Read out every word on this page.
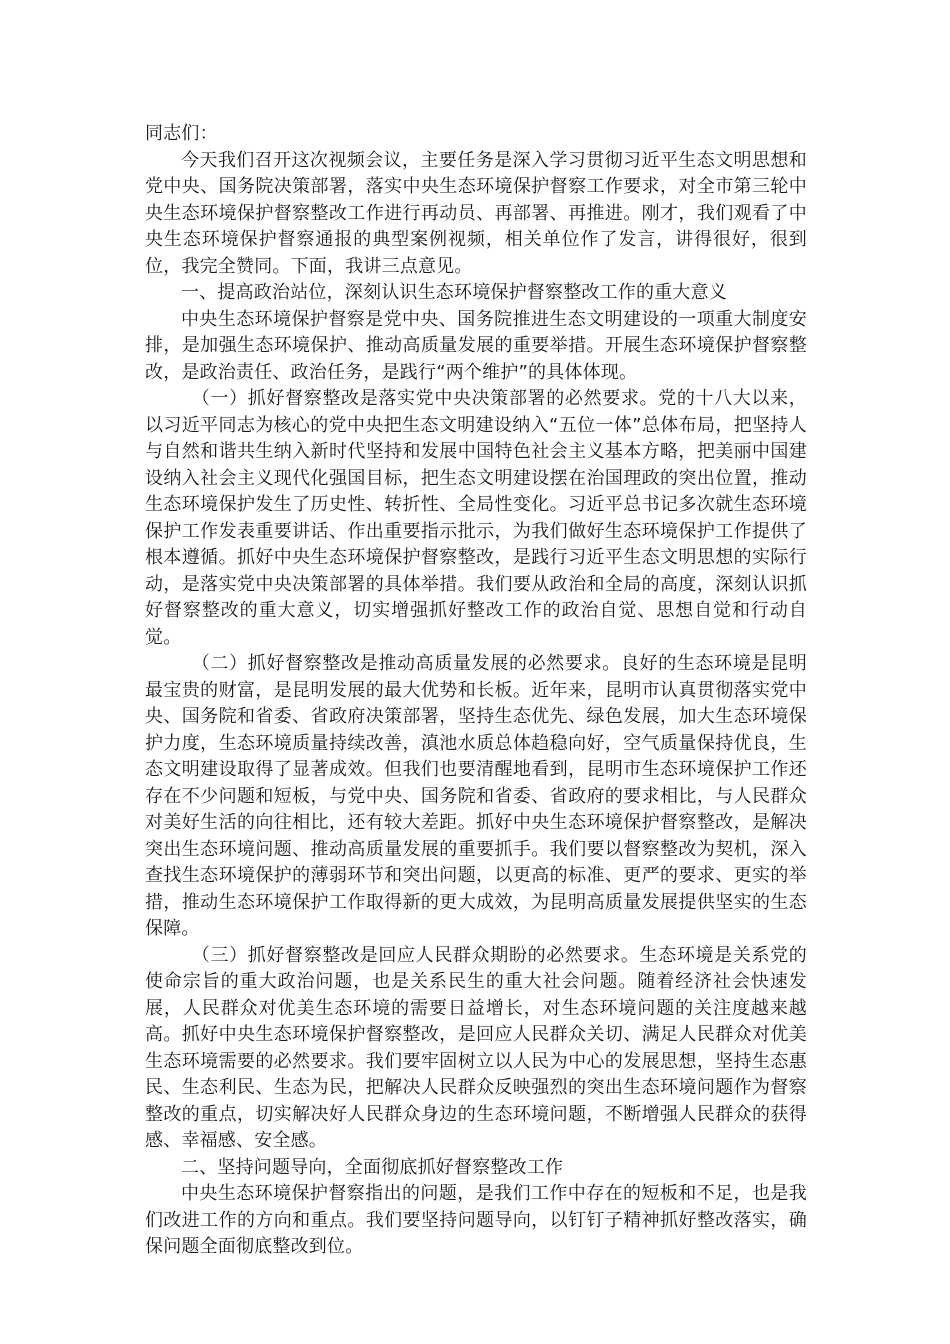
同志们：

今天我们召开这次视频会议，主要任务是深入学习贯彻习近平生态文明思想和党中央、国务院决策部署，落实中央生态环境保护督察工作要求，对全市第三轮中央生态环境保护督察整改工作进行再动员、再部署、再推进。刚才，我们观看了中央生态环境保护督察通报的典型案例视频，相关单位作了发言，讲得很好，很到位，我完全赞同。下面，我讲三点意见。

一、提高政治站位，深刻认识生态环境保护督察整改工作的重大意义

中央生态环境保护督察是党中央、国务院推进生态文明建设的一项重大制度安排，是加强生态环境保护、推动高质量发展的重要举措。开展生态环境保护督察整改，是政治责任、政治任务，是践行“两个维护”的具体体现。

（一）抓好督察整改是落实党中央决策部署的必然要求。党的十八大以来，以习近平同志为核心的党中央把生态文明建设纳入“五位一体”总体布局，把坚持人与自然和谐共生纳入新时代坚持和发展中国特色社会主义基本方略，把美丽中国建设纳入社会主义现代化强国目标，把生态文明建设摆在治国理政的突出位置，推动生态环境保护发生了历史性、转折性、全局性变化。习近平总书记多次就生态环境保护工作发表重要讲话、作出重要指示批示，为我们做好生态环境保护工作提供了根本遵循。抓好中央生态环境保护督察整改，是践行习近平生态文明思想的实际行动，是落实党中央决策部署的具体举措。我们要从政治和全局的高度，深刻认识抓好督察整改的重大意义，切实增强抓好整改工作的政治自觉、思想自觉和行动自觉。

（二）抓好督察整改是推动高质量发展的必然要求。良好的生态环境是昆明最宝贵的财富，是昆明发展的最大优势和长板。近年来，昆明市认真贯彻落实党中央、国务院和省委、省政府决策部署，坚持生态优先、绿色发展，加大生态环境保护力度，生态环境质量持续改善，滇池水质总体趋稳向好，空气质量保持优良，生态文明建设取得了显著成效。但我们也要清醒地看到，昆明市生态环境保护工作还存在不少问题和短板，与党中央、国务院和省委、省政府的要求相比，与人民群众对美好生活的向往相比，还有较大差距。抓好中央生态环境保护督察整改，是解决突出生态环境问题、推动高质量发展的重要抓手。我们要以督察整改为契机，深入查找生态环境保护的薄弱环节和突出问题，以更高的标准、更严的要求、更实的举措，推动生态环境保护工作取得新的更大成效，为昆明高质量发展提供坚实的生态保障。

（三）抓好督察整改是回应人民群众期盼的必然要求。生态环境是关系党的使命宗旨的重大政治问题，也是关系民生的重大社会问题。随着经济社会快速发展，人民群众对优美生态环境的需要日益增长，对生态环境问题的关注度越来越高。抓好中央生态环境保护督察整改，是回应人民群众关切、满足人民群众对优美生态环境需要的必然要求。我们要牢固树立以人民为中心的发展思想，坚持生态惠民、生态利民、生态为民，把解决人民群众反映强烈的突出生态环境问题作为督察整改的重点，切实解决好人民群众身边的生态环境问题，不断增强人民群众的获得感、幸福感、安全感。

二、坚持问题导向，全面彻底抓好督察整改工作

中央生态环境保护督察指出的问题，是我们工作中存在的短板和不足，也是我们改进工作的方向和重点。我们要坚持问题导向，以钉钉子精神抓好整改落实，确保问题全面彻底整改到位。
